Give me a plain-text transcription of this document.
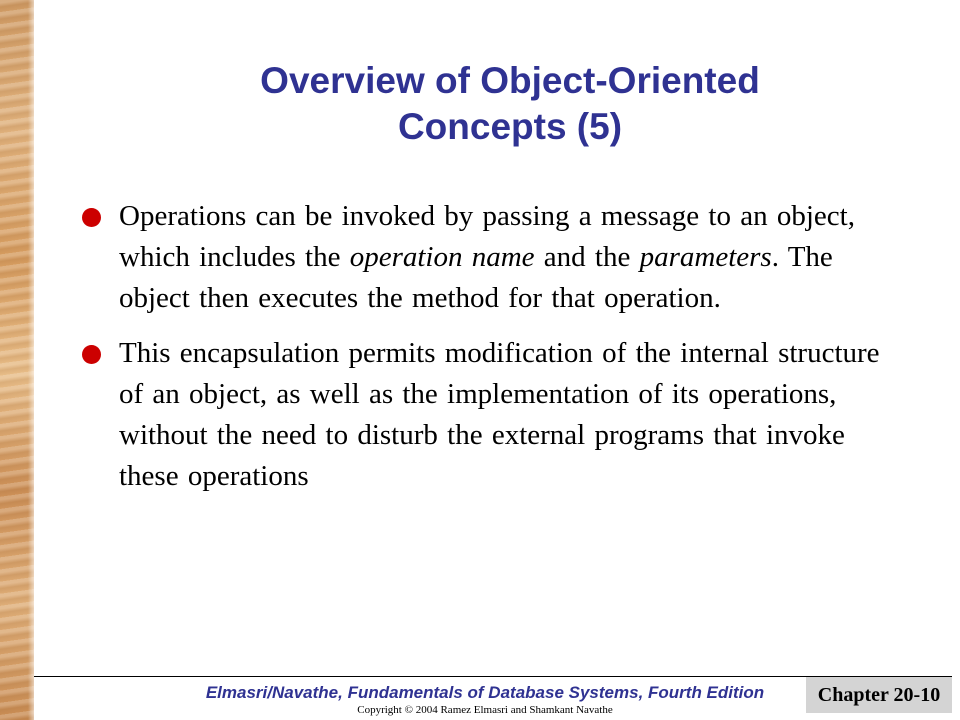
Overview of Object-Oriented
Concepts (5)
Operations can be invoked by passing a message to an object, which includes the operation name and the parameters. The object then executes the method for that operation.
This encapsulation permits modification of the internal structure of an object, as well as the implementation of its operations, without the need to disturb the external programs that invoke these operations
Elmasri/Navathe, Fundamentals of Database Systems, Fourth Edition
Copyright © 2004 Ramez Elmasri and Shamkant Navathe
Chapter 20-10
